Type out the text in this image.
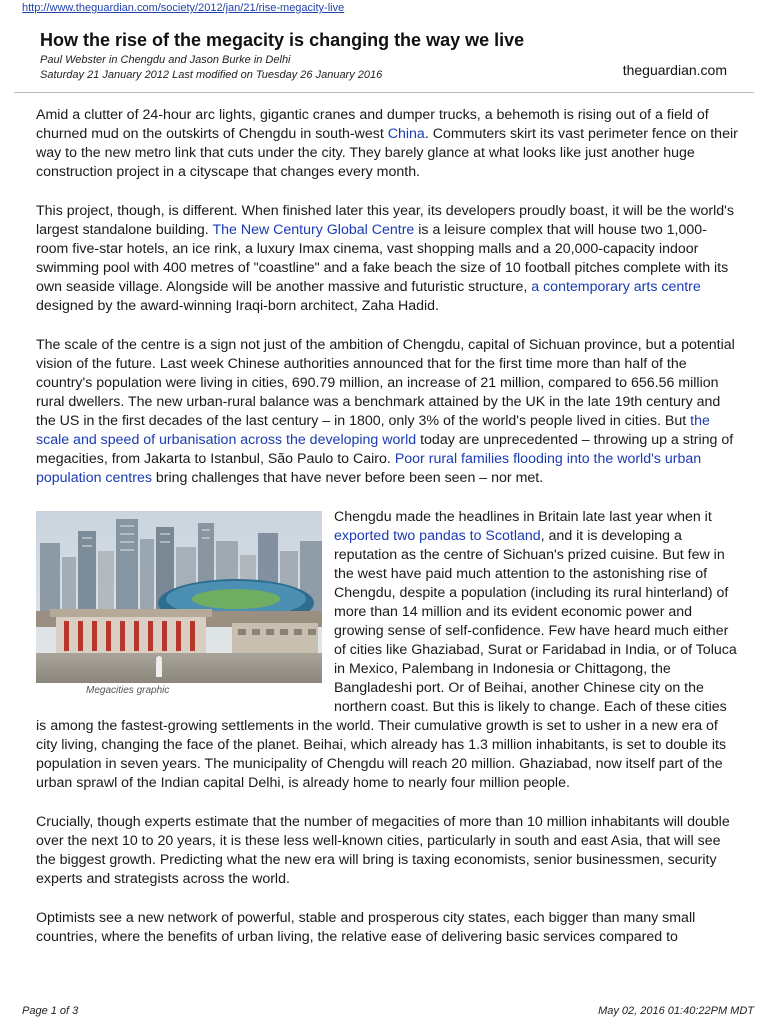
http://www.theguardian.com/society/2012/jan/21/rise-megacity-live
How the rise of the megacity is changing the way we live
Paul Webster in Chengdu and Jason Burke in Delhi
Saturday 21 January 2012 Last modified on Tuesday 26 January 2016	theguardian.com

Amid a clutter of 24-hour arc lights, gigantic cranes and dumper trucks, a behemoth is rising out of a field of churned mud on the outskirts of Chengdu in south-west China. Commuters skirt its vast perimeter fence on their way to the new metro link that cuts under the city. They barely glance at what looks like just another huge construction project in a cityscape that changes every month.

This project, though, is different. When finished later this year, its developers proudly boast, it will be the world's largest standalone building. The New Century Global Centre is a leisure complex that will house two 1,000-room five-star hotels, an ice rink, a luxury Imax cinema, vast shopping malls and a 20,000-capacity indoor swimming pool with 400 metres of "coastline" and a fake beach the size of 10 football pitches complete with its own seaside village. Alongside will be another massive and futuristic structure, a contemporary arts centre designed by the award-winning Iraqi-born architect, Zaha Hadid.

The scale of the centre is a sign not just of the ambition of Chengdu, capital of Sichuan province, but a potential vision of the future. Last week Chinese authorities announced that for the first time more than half of the country's population were living in cities, 690.79 million, an increase of 21 million, compared to 656.56 million rural dwellers. The new urban-rural balance was a benchmark attained by the UK in the late 19th century and the US in the first decades of the last century – in 1800, only 3% of the world's people lived in cities. But the scale and speed of urbanisation across the developing world today are unprecedented – throwing up a string of megacities, from Jakarta to Istanbul, São Paulo to Cairo. Poor rural families flooding into the world's urban population centres bring challenges that have never before been seen – nor met.

Megacities graphic
Chengdu made the headlines in Britain late last year when it exported two pandas to Scotland, and it is developing a reputation as the centre of Sichuan's prized cuisine. But few in the west have paid much attention to the astonishing rise of Chengdu, despite a population (including its rural hinterland) of more than 14 million and its evident economic power and growing sense of self-confidence. Few have heard much either of cities like Ghaziabad, Surat or Faridabad in India, or of Toluca in Mexico, Palembang in Indonesia or Chittagong, the Bangladeshi port. Or of Beihai, another Chinese city on the northern coast. But this is likely to change. Each of these cities is among the fastest-growing settlements in the world. Their cumulative growth is set to usher in a new era of city living, changing the face of the planet. Beihai, which already has 1.3 million inhabitants, is set to double its population in seven years. The municipality of Chengdu will reach 20 million. Ghaziabad, now itself part of the urban sprawl of the Indian capital Delhi, is already home to nearly four million people.

Crucially, though experts estimate that the number of megacities of more than 10 million inhabitants will double over the next 10 to 20 years, it is these less well-known cities, particularly in south and east Asia, that will see the biggest growth. Predicting what the new era will bring is taxing economists, senior businessmen, security experts and strategists across the world.

Optimists see a new network of powerful, stable and prosperous city states, each bigger than many small countries, where the benefits of urban living, the relative ease of delivering basic services compared to

Page 1 of 3	May 02, 2016 01:40:22PM MDT
